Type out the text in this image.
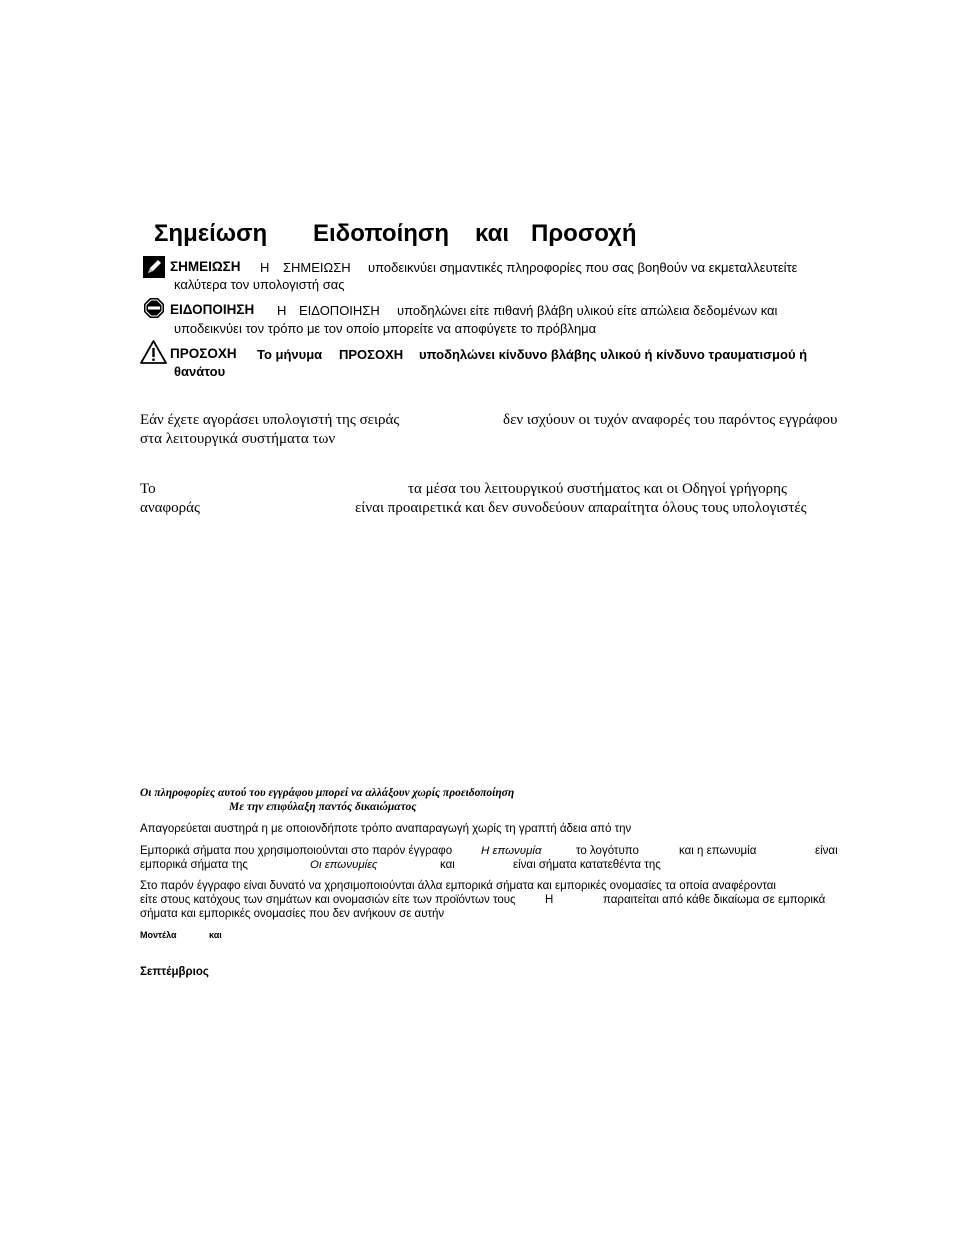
Σημείωση Ειδοποίηση και Προσοχή
ΣΗΜΕΙΩΣΗ Η ΣΗΜΕΙΩΣΗ υποδεικνύει σημαντικές πληροφορίες που σας βοηθούν να εκμεταλλευτείτε
καλύτερα τον υπολογιστή σας
ΕΙΔΟΠΟΙΗΣΗ Η ΕΙΔΟΠΟΙΗΣΗ υποδηλώνει είτε πιθανή βλάβη υλικού είτε απώλεια δεδομένων και
υποδεικνύει τον τρόπο με τον οποίο μπορείτε να αποφύγετε το πρόβλημα
ΠΡΟΣΟΧΗ Το μήνυμα ΠΡΟΣΟΧΗ υποδηλώνει κίνδυνο βλάβης υλικού ή κίνδυνο τραυματισμού ή
θανάτου
Εάν έχετε αγοράσει υπολογιστή της σειράς	δεν ισχύουν οι τυχόν αναφορές του παρόντος εγγράφου
στα λειτουργικά συστήματα των
Το	τα μέσα του λειτουργικού συστήματος και οι Οδηγοί γρήγορης
αναφοράς	είναι προαιρετικά και δεν συνοδεύουν απαραίτητα όλους τους υπολογιστές
Οι πληροφορίες αυτού του εγγράφου μπορεί να αλλάξουν χωρίς προειδοποίηση
Με την επιφύλαξη παντός δικαιώματος
Απαγορεύεται αυστηρά η με οποιονδήποτε τρόπο αναπαραγωγή χωρίς τη γραπτή άδεια από την
Εμπορικά σήματα που χρησιμοποιούνται στο παρόν έγγραφο	Η επωνυμία	το λογότυπο	και η επωνυμία	είναι
εμπορικά σήματα της	Οι επωνυμίες	και	είναι σήματα κατατεθέντα της
Στο παρόν έγγραφο είναι δυνατό να χρησιμοποιούνται άλλα εμπορικά σήματα και εμπορικές ονομασίες τα οποία αναφέρονται
είτε στους κατόχους των σημάτων και ονομασιών είτε των προϊόντων τους	Η	παραιτείται από κάθε δικαίωμα σε εμπορικά
σήματα και εμπορικές ονομασίες που δεν ανήκουν σε αυτήν
Μοντέλα	και
Σεπτέμβριος
